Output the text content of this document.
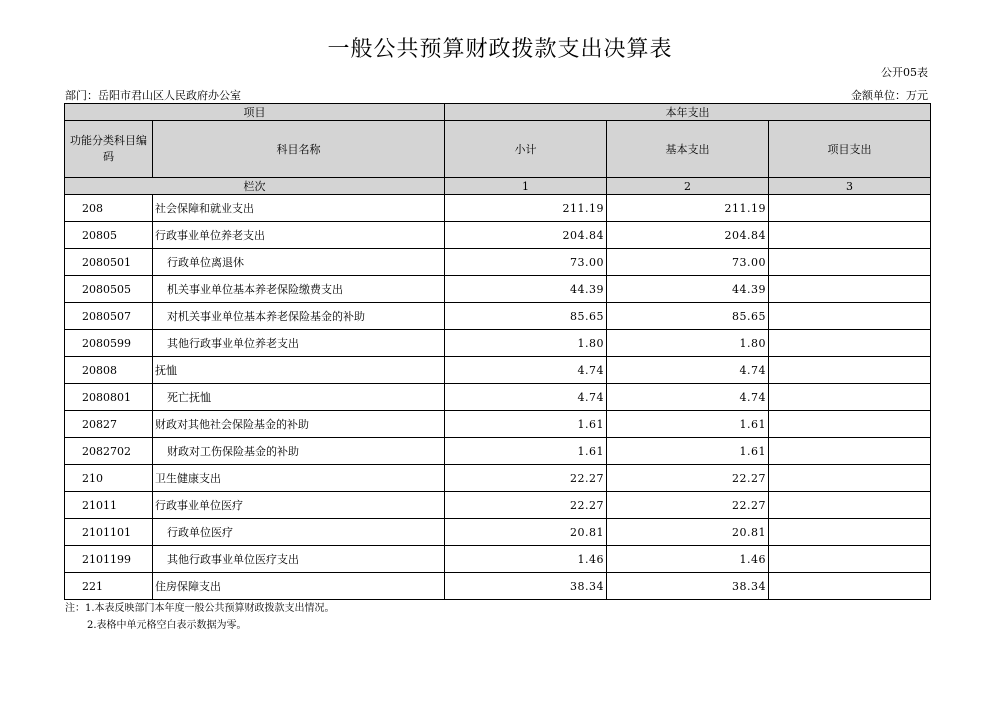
一般公共预算财政拨款支出决算表
公开05表
部门：岳阳市君山区人民政府办公室	金额单位：万元
项目		本年支出		
功能分类科目编码	科目名称	小计	基本支出	项目支出
栏次		1	2	3
208	社会保障和就业支出	211.19	211.19	
20805	行政事业单位养老支出	204.84	204.84	
2080501	行政单位离退休	73.00	73.00	
2080505	机关事业单位基本养老保险缴费支出	44.39	44.39	
2080507	对机关事业单位基本养老保险基金的补助	85.65	85.65	
2080599	其他行政事业单位养老支出	1.80	1.80	
20808	抚恤	4.74	4.74	
2080801	死亡抚恤	4.74	4.74	
20827	财政对其他社会保险基金的补助	1.61	1.61	
2082702	财政对工伤保险基金的补助	1.61	1.61	
210	卫生健康支出	22.27	22.27	
21011	行政事业单位医疗	22.27	22.27	
2101101	行政单位医疗	20.81	20.81	
2101199	其他行政事业单位医疗支出	1.46	1.46	
221	住房保障支出	38.34	38.34	
注：1.本表反映部门本年度一般公共预算财政拨款支出情况。
2.表格中单元格空白表示数据为零。
